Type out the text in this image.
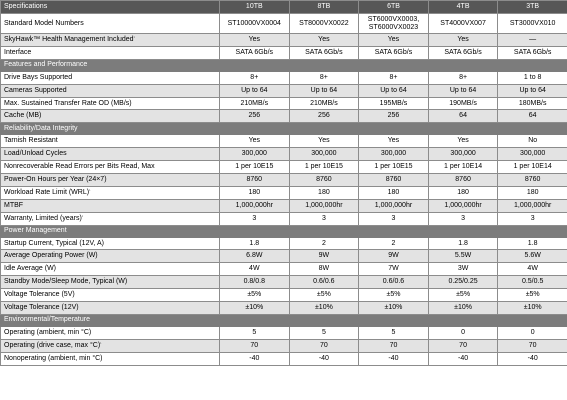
Specifications	10TB	8TB	6TB	4TB	3TB
Standard Model Numbers	ST10000VX0004	ST8000VX0022	ST6000VX0003, ST6000VX0023	ST4000VX007	ST3000VX010
SkyHawk™ Health Management Included$^{^1}$	Yes	Yes	Yes	Yes	—
Interface	SATA 6Gb/s	SATA 6Gb/s	SATA 6Gb/s	SATA 6Gb/s	SATA 6Gb/s
Features and Performance					
Drive Bays Supported	8+	8+	8+	8+	1 to 8
Cameras Supported	Up to 64	Up to 64	Up to 64	Up to 64	Up to 64
Max. Sustained Transfer Rate OD (MB/s)	210MB/s	210MB/s	195MB/s	190MB/s	180MB/s
Cache (MB)	256	256	256	64	64
Reliability/Data Integrity					
Tarnish Resistant	Yes	Yes	Yes	Yes	No
Load/Unload Cycles	300,000	300,000	300,000	300,000	300,000
Nonrecoverable Read Errors per Bits Read, Max	1 per 10E15	1 per 10E15	1 per 10E15	1 per 10E14	1 per 10E14
Power-On Hours per Year (24×7)	8760	8760	8760	8760	8760
Workload Rate Limit (WRL)$^{^1}$	180	180	180	180	180
MTBF	1,000,000hr	1,000,000hr	1,000,000hr	1,000,000hr	1,000,000hr
Warranty, Limited (years)$^{^1}$	3	3	3	3	3
Power Management					
Startup Current, Typical (12V, A)	1.8	2	2	1.8	1.8
Average Operating Power (W)	6.8W	9W	9W	5.5W	5.6W
Idle Average (W)	4W	8W	7W	3W	4W
Standby Mode/Sleep Mode, Typical (W)	0.8/0.8	0.6/0.6	0.6/0.6	0.25/0.25	0.5/0.5
Voltage Tolerance (5V)	±5%	±5%	±5%	±5%	±5%
Voltage Tolerance (12V)	±10%	±10%	±10%	±10%	±10%
Environmental/Temperature					
Operating (ambient, min °C)	5	5	5	0	0
Operating (drive case, max °C)$^{^1}$	70	70	70	70	70
Nonoperating (ambient, min °C)	-40	-40	-40	-40	-40
